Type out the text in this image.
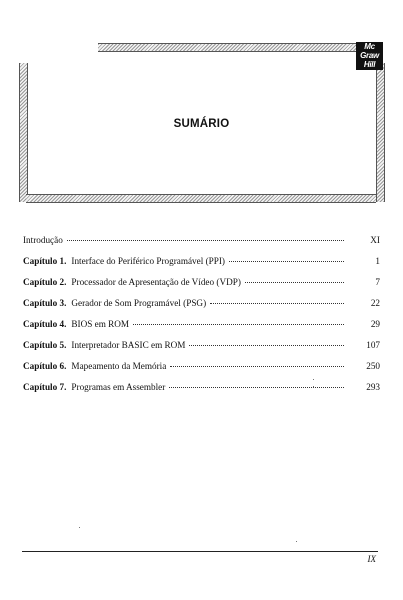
Mc
Graw
Hill
SUMÁRIO
Introdução	XI
Capítulo 1. Interface do Periférico Programável (PPI)	1
Capítulo 2. Processador de Apresentação de Vídeo (VDP)	7
Capítulo 3. Gerador de Som Programável (PSG)	22
Capítulo 4. BIOS em ROM	29
Capítulo 5. Interpretador BASIC em ROM	107
Capítulo 6. Mapeamento da Memória	250
Capítulo 7. Programas em Assembler	293
IX
